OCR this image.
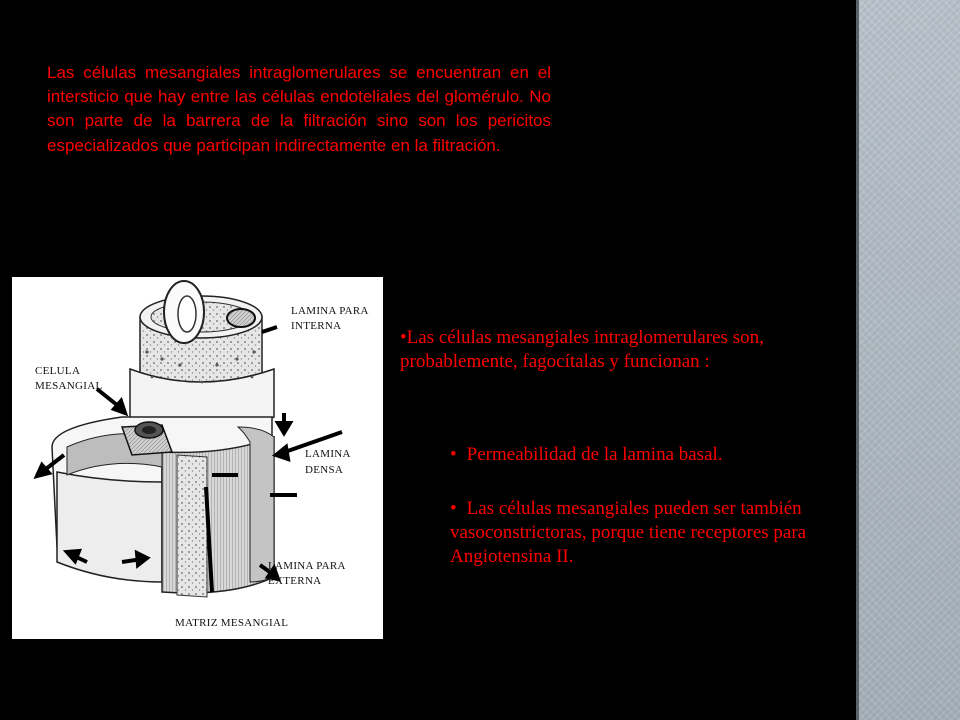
Las células mesangiales intraglomerulares se encuentran en el intersticio que hay entre las células endoteliales del glomérulo. No son parte de la barrera de la filtración sino son los pericitos especializados que participan indirectamente en la filtración.

LAMINA PARA
INTERNA
CELULA
MESANGIAL
LAMINA
DENSA
LAMINA PARA
EXTERNA
MATRIZ MESANGIAL

•Las células mesangiales intraglomerulares son, probablemente, fagocítalas y funcionan :

• Permeabilidad de la lamina basal.

• Las células mesangiales pueden ser también vasoconstrictoras, porque tiene receptores para Angiotensina II.
